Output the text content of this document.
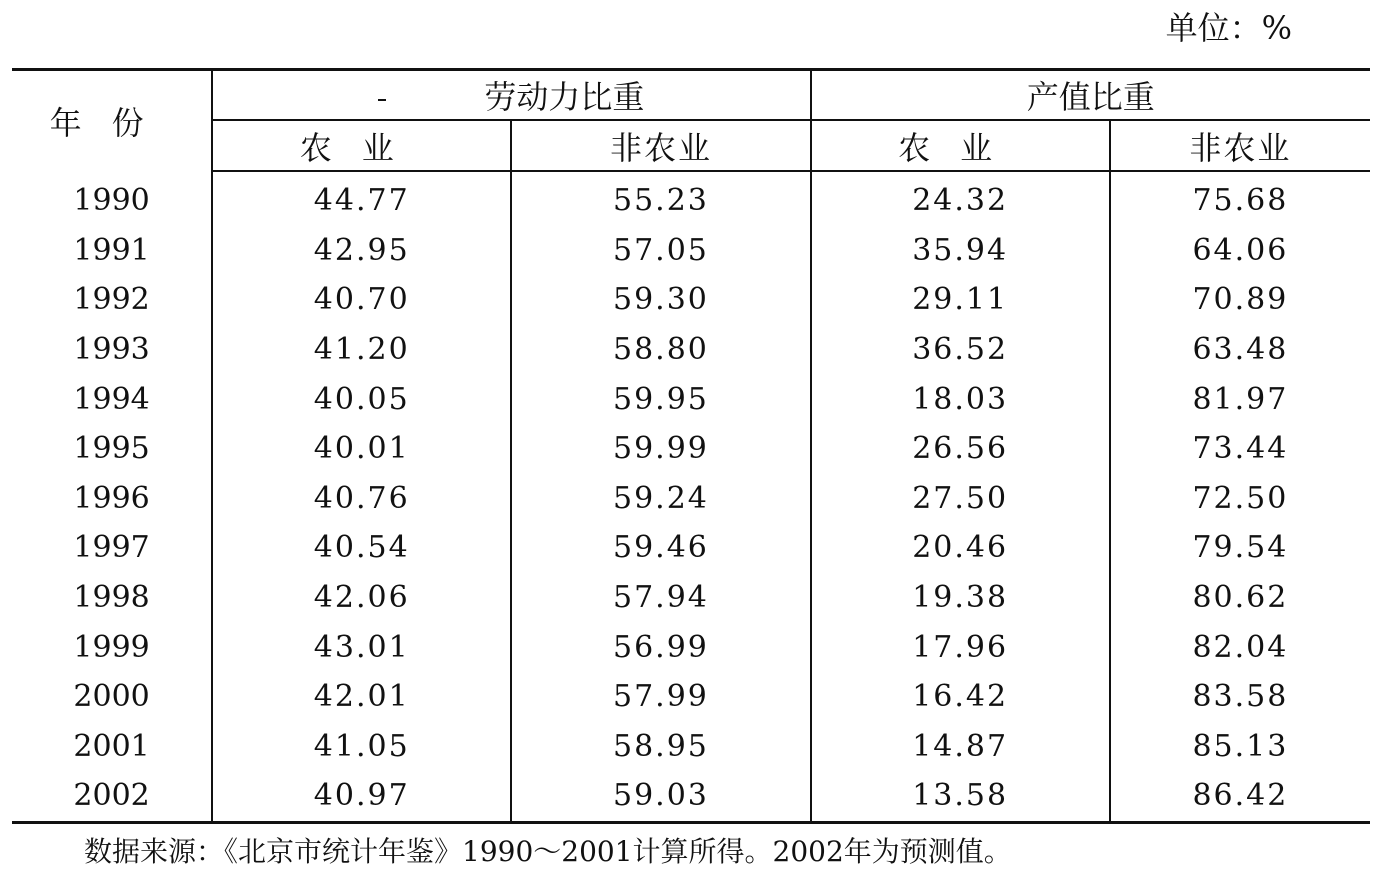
单位：%
年份	劳动力比重		产值比重	
	农业	非农业	农业	非农业
1990	44.77	55.23	24.32	75.68
1991	42.95	57.05	35.94	64.06
1992	40.70	59.30	29.11	70.89
1993	41.20	58.80	36.52	63.48
1994	40.05	59.95	18.03	81.97
1995	40.01	59.99	26.56	73.44
1996	40.76	59.24	27.50	72.50
1997	40.54	59.46	20.46	79.54
1998	42.06	57.94	19.38	80.62
1999	43.01	56.99	17.96	82.04
2000	42.01	57.99	16.42	83.58
2001	41.05	58.95	14.87	85.13
2002	40.97	59.03	13.58	86.42
数据来源：《北京市统计年鉴》1990～2001计算所得。2002年为预测值。
